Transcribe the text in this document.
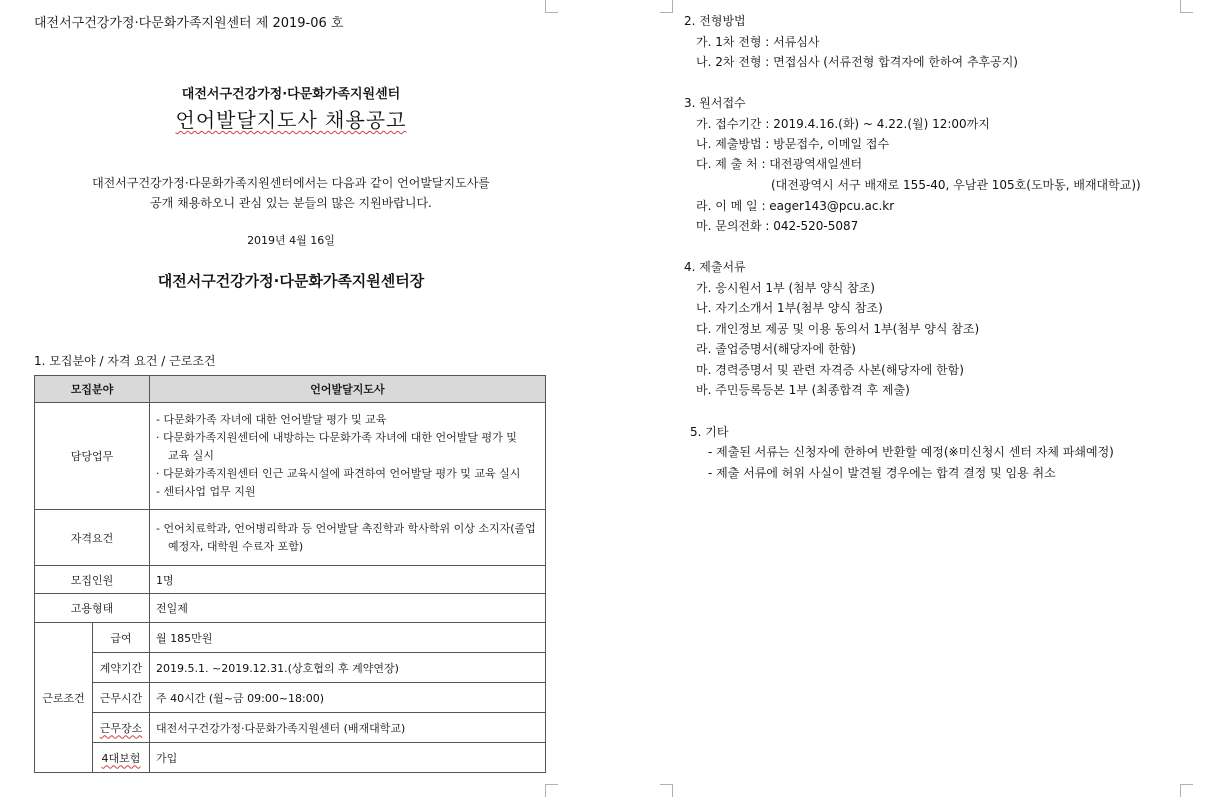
대전서구건강가정·다문화가족지원센터 제 2019-06 호
대전서구건강가정·다문화가족지원센터
언어발달지도사 채용공고
대전서구건강가정·다문화가족지원센터에서는 다음과 같이 언어발달지도사를
공개 채용하오니 관심 있는 분들의 많은 지원바랍니다.
2019년 4월 16일
대전서구건강가정·다문화가족지원센터장
1. 모집분야 / 자격 요건 / 근로조건
모집분야		언어발달지도사
담당업무		- 다문화가족 자녀에 대한 언어발달 평가 및 교육
· 다문화가족지원센터에 내방하는 다문화가족 자녀에 대한 언어발달 평가 및
교육 실시
· 다문화가족지원센터 인근 교육시설에 파견하여 언어발달 평가 및 교육 실시
- 센터사업 업무 지원

자격요건		- 언어치료학과, 언어병리학과 등 언어발달 촉진학과 학사학위 이상 소지자(졸업
예정자, 대학원 수료자 포함)

모집인원		1명
고용형태		전일제
근로조건	급여	월 185만원
	계약기간	2019.5.1. ~2019.12.31.(상호협의 후 계약연장)
	근무시간	주 40시간 (월~금 09:00~18:00)
	근무장소	대전서구건강가정·다문화가족지원센터 (배재대학교)
	4대보험	가입
2. 전형방법
가. 1차 전형 : 서류심사
나. 2차 전형 : 면접심사 (서류전형 합격자에 한하여 추후공지)
3. 원서접수
가. 접수기간 : 2019.4.16.(화) ~ 4.22.(월) 12:00까지
나. 제출방법 : 방문접수, 이메일 접수
다. 제 출 처 : 대전광역새일센터
(대전광역시 서구 배재로 155-40, 우남관 105호(도마동, 배재대학교))
라. 이 메 일 : eager143@pcu.ac.kr
마. 문의전화 : 042-520-5087
4. 제출서류
가. 응시원서 1부 (첨부 양식 참조)
나. 자기소개서 1부(첨부 양식 참조)
다. 개인정보 제공 및 이용 동의서 1부(첨부 양식 참조)
라. 졸업증명서(해당자에 한함)
마. 경력증명서 및 관련 자격증 사본(해당자에 한함)
바. 주민등록등본 1부 (최종합격 후 제출)
5. 기타
- 제출된 서류는 신청자에 한하여 반환할 예정(※미신청시 센터 자체 파쇄예정)
- 제출 서류에 허위 사실이 발견될 경우에는 합격 결정 및 임용 취소
